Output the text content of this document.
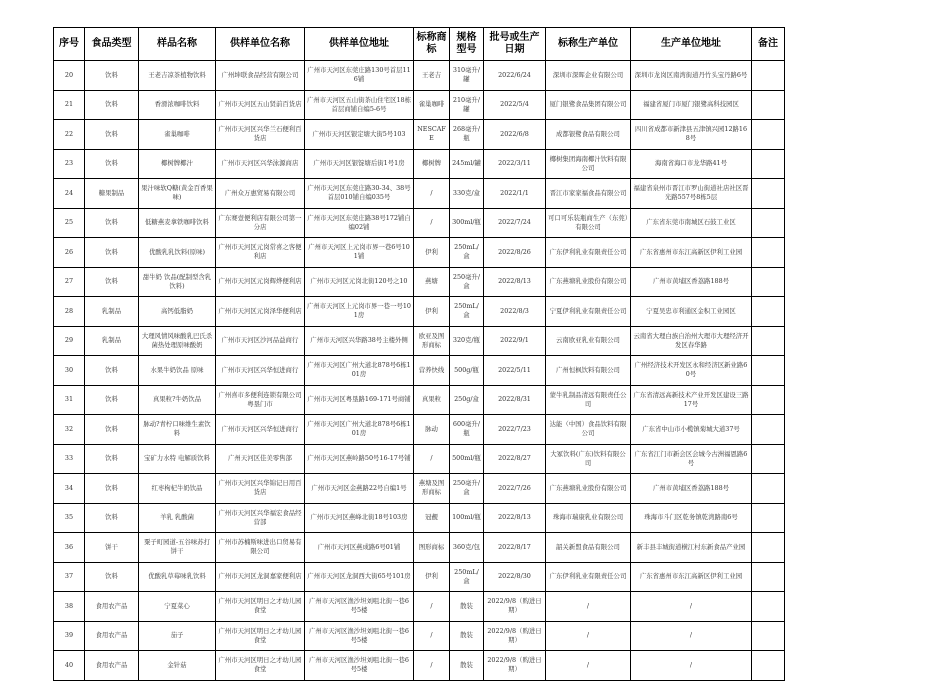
序号	食品类型	样品名称	供样单位名称	供样单位地址	标称商标	规格型号	批号或生产日期	标称生产单位	生产单位地址	备注
20	饮料	王老吉凉茶植物饮料	广州坤联食品经营有限公司	广州市天河区东莞庄路130号首层116铺	王老吉	310毫升/罐	2022/6/24	深圳市深晖企业有限公司	深圳市龙岗区南湾街道丹竹头宝丹路6号	
21	饮料	香滑浓咖啡饮料	广州市天河区五山贤前百货店	广州市天河区五山街茶山住宅区18栋首层商铺自编5-6号	雀巢咖啡	210毫升/罐	2022/5/4	厦门银鹭食品集团有限公司	福建省厦门市厦门银鹭高科技园区	
22	饮料	雀巢咖啡	广州市天河区兴华兰石便利百货店	广州市天河区银定塘大街5号103	NESCAFE	268毫升/瓶	2022/6/8	成都银鹭食品有限公司	四川省成都市新津县五津镇兴园12路168号	
23	饮料	椰树牌椰汁	广州市天河区兴华泳源商店	广州市天河区银锭塘后街1号1房	椰树牌	245ml/罐	2022/3/11	椰树集团海南椰汁饮料有限公司	海南省海口市龙华路41号	
24	糖果制品	果汁味软Q糖(黄金百香果味)	广州众万惠贸易有限公司	广州市天河区东莞庄路30-34、38号首层010铺自编035号	/	330克/盒	2022/1/1	晋江市家家福食品有限公司	福建省泉州市晋江市罗山街道社店社区晋光路557号8栋5层	
25	饮料	低糖燕麦拿铁咖啡饮料	广东赛壹便利店有限公司第一分店	广州市天河区东莞庄路38号172铺自编02铺	/	300ml/瓶	2022/7/24	可口可乐装瓶商生产（东莞）有限公司	广东省东莞市南城区石鼓工业区	
26	饮料	优酸乳乳饮料(原味)	广州市天河区元岗常喜之客便利店	广州市天河区上元岗市界一巷6号101铺	伊利	250mL/盒	2022/8/26	广东伊利乳业有限责任公司	广东省惠州市东江高新区伊利工业园	
27	饮料	甜牛奶 饮品(配制型含乳饮料)	广州市天河区元岗辉烨便利店	广州市天河区元岗北街120号之10	燕塘	250毫升/盒	2022/8/13	广东燕塘乳业股份有限公司	广州市黄埔区香荔路188号	
28	乳制品	高钙低脂奶	广州市天河区元岗泽华便利店	广州市天河区上元岗市界一巷一号101房	伊利	250mL/盒	2022/8/3	宁夏伊利乳业有限责任公司	宁夏吴忠市利通区金积工业园区	
29	乳制品	大理风情风味酸乳巴氏杀菌热处理原味酸奶	广州市天河区沙河品益商行	广州市天河区兴华路38号主楼外侧	欧亚及图形商标	320克/瓶	2022/9/1	云南欧亚乳业有限公司	云南省大理白族自治州大理市大理经济开发区春华路	
30	饮料	水果牛奶饮品 原味	广州市天河区兴华恒进商行	广州市天河区广州大道北878号6栋101房	营养快线	500g/瓶	2022/5/11	广州恒枫饮料有限公司	广州经济技术开发区永和经济区新业路60号	
31	饮料	真果粒?牛奶饮品	广州喜市多便利连锁有限公司粤垦门市	广州市天河区粤垦路169-171号商铺	真果粒	250g/盒	2022/8/31	蒙牛乳制品清远有限责任公司	广东省清远高新技术产业开发区建设三路17号	
32	饮料	脉动?青柠口味维生素饮料	广州市天河区兴华恒进商行	广州市天河区广州大道北878号6栋101房	脉动	600毫升/瓶	2022/7/23	达能（中国）食品饮料有限公司	广东省中山市小榄镇菊城大道37号	
33	饮料	宝矿力水特 电解质饮料	广州天河区佳美零售部	广州市天河区燕岭路50号16-17号铺	/	500ml/瓶	2022/8/27	大冢饮料(广东)饮料有限公司	广东省江门市新会区会城今古洲福恩路6号	
34	饮料	红枣枸杞牛奶饮品	广州市天河区兴华锦记日用百货店	广州市天河区金燕路22号自编1号	燕塘及图形商标	250毫升/盒	2022/7/26	广东燕塘乳业股份有限公司	广州市黄埔区香荔路188号	
35	饮料	羊乳 乳酸菌	广州市天河区兴华福宏食品经营部	广州市天河区燕峰北街18号103房	冠靓	100ml/瓶	2022/8/13	珠海市瑞康乳业有限公司	珠海市斗门区乾务镇乾湾路南6号	
36	饼干	粟子町园道-五谷味苏打饼干	广州市苏楠斯味进出口贸易有限公司	广州市天河区燕成路6号01铺	图形商标	360克/包	2022/8/17	韶关新盟食品有限公司	新丰县丰城街道横江村东新食品产业园	
37	饮料	优酸乳草莓味乳饮料	广州市天河区龙洞嘉家便利店	广州市天河区龙洞西大街65号101房	伊利	250mL/盒	2022/8/30	广东伊利乳业有限责任公司	广东省惠州市东江高新区伊利工业园	
38	食用农产品	宁夏菜心	广州市天河区明日之才幼儿园食堂	广州市天河区渔沙坦刘咀北街一巷6号5楼	/	散装	2022/9/8（购进日期）	/	/	
39	食用农产品	茄子	广州市天河区明日之才幼儿园食堂	广州市天河区渔沙坦刘咀北街一巷6号5楼	/	散装	2022/9/8（购进日期）	/	/	
40	食用农产品	金针菇	广州市天河区明日之才幼儿园食堂	广州市天河区渔沙坦刘咀北街一巷6号5楼	/	散装	2022/9/8（购进日期）	/	/	
